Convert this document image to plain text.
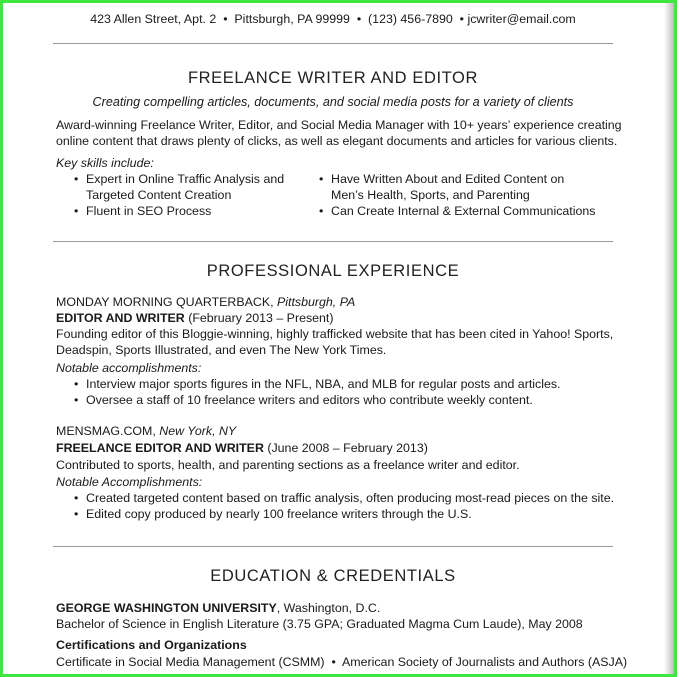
423 Allen Street, Apt. 2 • Pittsburgh, PA 99999 • (123) 456-7890 • jcwriter@email.com
FREELANCE WRITER AND EDITOR
Creating compelling articles, documents, and social media posts for a variety of clients
Award-winning Freelance Writer, Editor, and Social Media Manager with 10+ years’ experience creating
online content that draws plenty of clicks, as well as elegant documents and articles for various clients.
Key skills include:
• Expert in Online Traffic Analysis and
Targeted Content Creation
• Fluent in SEO Process
• Have Written About and Edited Content on
Men’s Health, Sports, and Parenting
• Can Create Internal & External Communications
PROFESSIONAL EXPERIENCE
MONDAY MORNING QUARTERBACK, Pittsburgh, PA
EDITOR AND WRITER (February 2013 – Present)
Founding editor of this Bloggie-winning, highly trafficked website that has been cited in Yahoo! Sports,
Deadspin, Sports Illustrated, and even The New York Times.
Notable accomplishments:
• Interview major sports figures in the NFL, NBA, and MLB for regular posts and articles.
• Oversee a staff of 10 freelance writers and editors who contribute weekly content.
MENSMAG.COM, New York, NY
FREELANCE EDITOR AND WRITER (June 2008 – February 2013)
Contributed to sports, health, and parenting sections as a freelance writer and editor.
Notable Accomplishments:
• Created targeted content based on traffic analysis, often producing most-read pieces on the site.
• Edited copy produced by nearly 100 freelance writers through the U.S.
EDUCATION & CREDENTIALS
GEORGE WASHINGTON UNIVERSITY, Washington, D.C.
Bachelor of Science in English Literature (3.75 GPA; Graduated Magma Cum Laude), May 2008
Certifications and Organizations
Certificate in Social Media Management (CSMM) • American Society of Journalists and Authors (ASJA)
